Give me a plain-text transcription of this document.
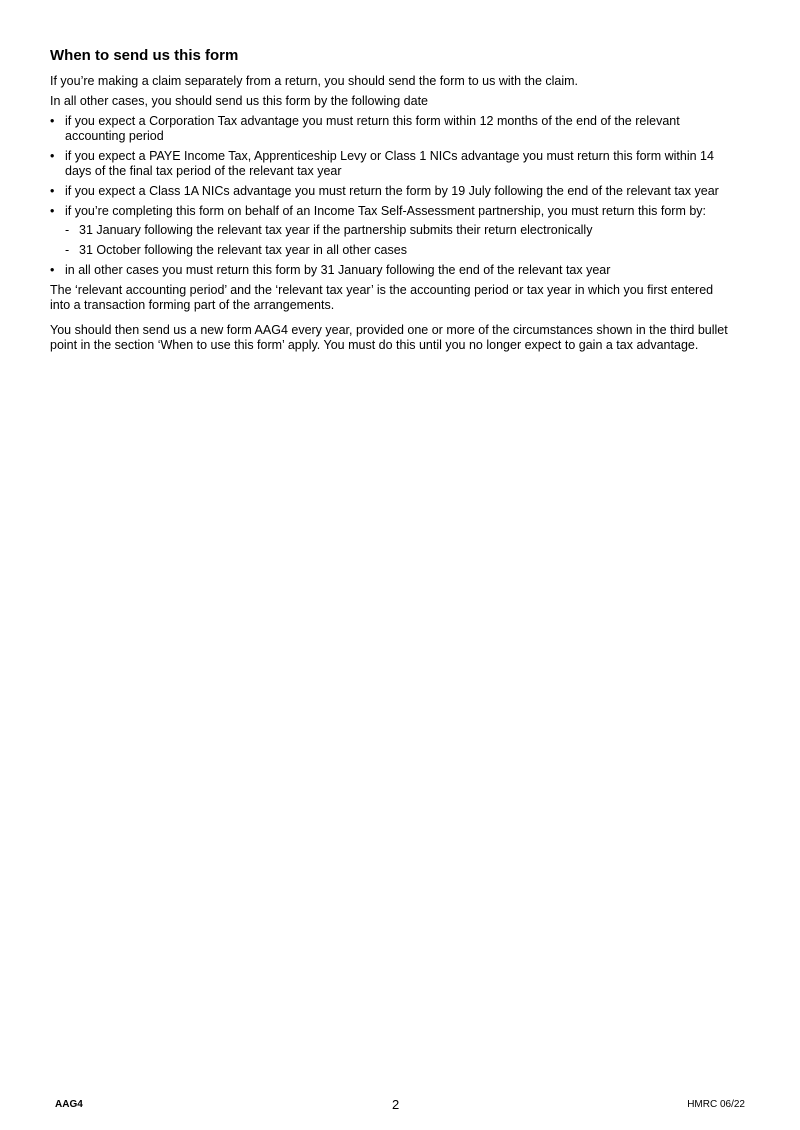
When to send us this form

If you’re making a claim separately from a return, you should send the form to us with the claim.

In all other cases, you should send us this form by the following date

• if you expect a Corporation Tax advantage you must return this form within 12 months of the end of the relevant accounting period
• if you expect a PAYE Income Tax, Apprenticeship Levy or Class 1 NICs advantage you must return this form within 14 days of the final tax period of the relevant tax year
• if you expect a Class 1A NICs advantage you must return the form by 19 July following the end of the relevant tax year
• if you’re completing this form on behalf of an Income Tax Self-Assessment partnership, you must return this form by:
- 31 January following the relevant tax year if the partnership submits their return electronically
- 31 October following the relevant tax year in all other cases
• in all other cases you must return this form by 31 January following the end of the relevant tax year

The ‘relevant accounting period’ and the ‘relevant tax year’ is the accounting period or tax year in which you first entered into a transaction forming part of the arrangements.

You should then send us a new form AAG4 every year, provided one or more of the circumstances shown in the third bullet point in the section ‘When to use this form’ apply. You must do this until you no longer expect to gain a tax advantage.

AAG4	2	HMRC 06/22
